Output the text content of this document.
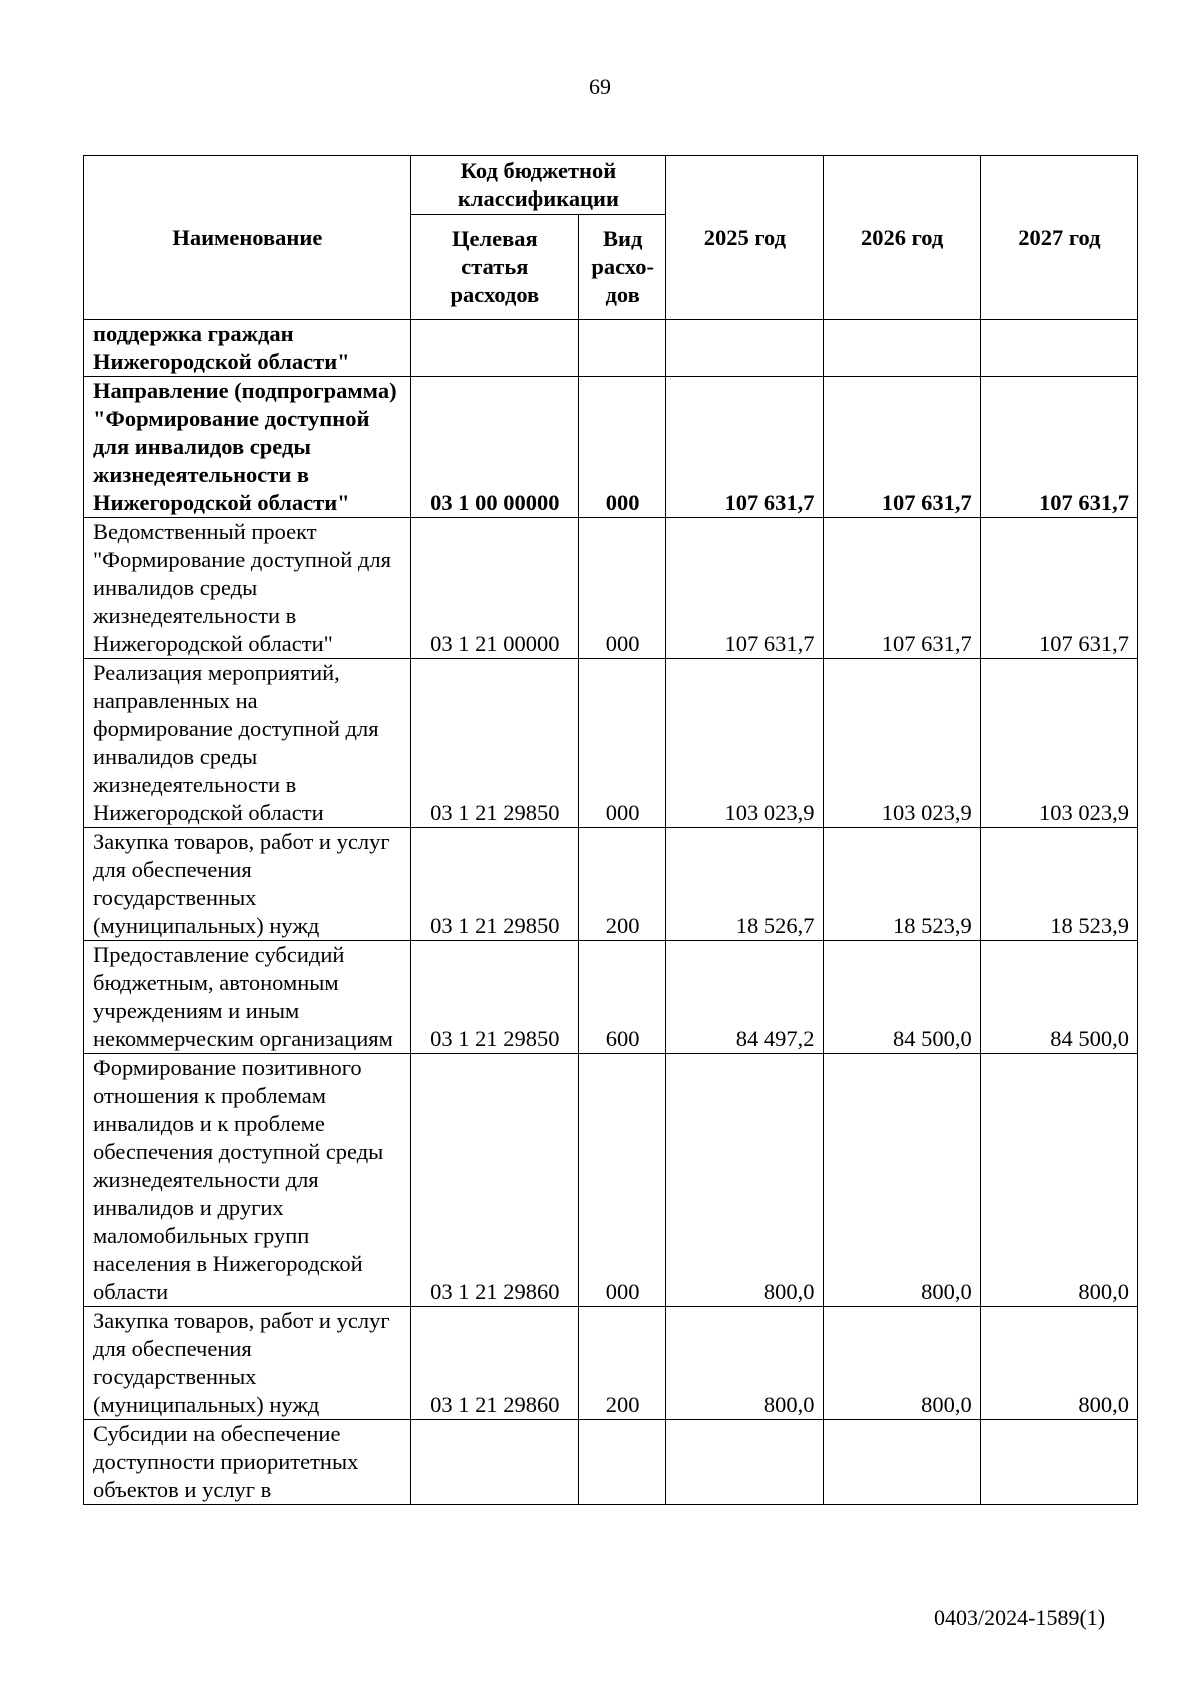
69
Наименование	Код бюджетной классификации		2025 год	2026 год	2027 год
	Целевая статья расходов	Вид расхо- дов			
поддержка граждан Нижегородской области"					
Направление (подпрограмма) "Формирование доступной для инвалидов среды жизнедеятельности в Нижегородской области"	03 1 00 00000	000	107 631,7	107 631,7	107 631,7
Ведомственный проект "Формирование доступной для инвалидов среды жизнедеятельности в Нижегородской области"	03 1 21 00000	000	107 631,7	107 631,7	107 631,7
Реализация мероприятий, направленных на формирование доступной для инвалидов среды жизнедеятельности в Нижегородской области	03 1 21 29850	000	103 023,9	103 023,9	103 023,9
Закупка товаров, работ и услуг для обеспечения государственных (муниципальных) нужд	03 1 21 29850	200	18 526,7	18 523,9	18 523,9
Предоставление субсидий бюджетным, автономным учреждениям и иным некоммерческим организациям	03 1 21 29850	600	84 497,2	84 500,0	84 500,0
Формирование позитивного отношения к проблемам инвалидов и к проблеме обеспечения доступной среды жизнедеятельности для инвалидов и других маломобильных групп населения в Нижегородской области	03 1 21 29860	000	800,0	800,0	800,0
Закупка товаров, работ и услуг для обеспечения государственных (муниципальных) нужд	03 1 21 29860	200	800,0	800,0	800,0
Субсидии на обеспечение доступности приоритетных объектов и услуг в					
0403/2024-1589(1)
